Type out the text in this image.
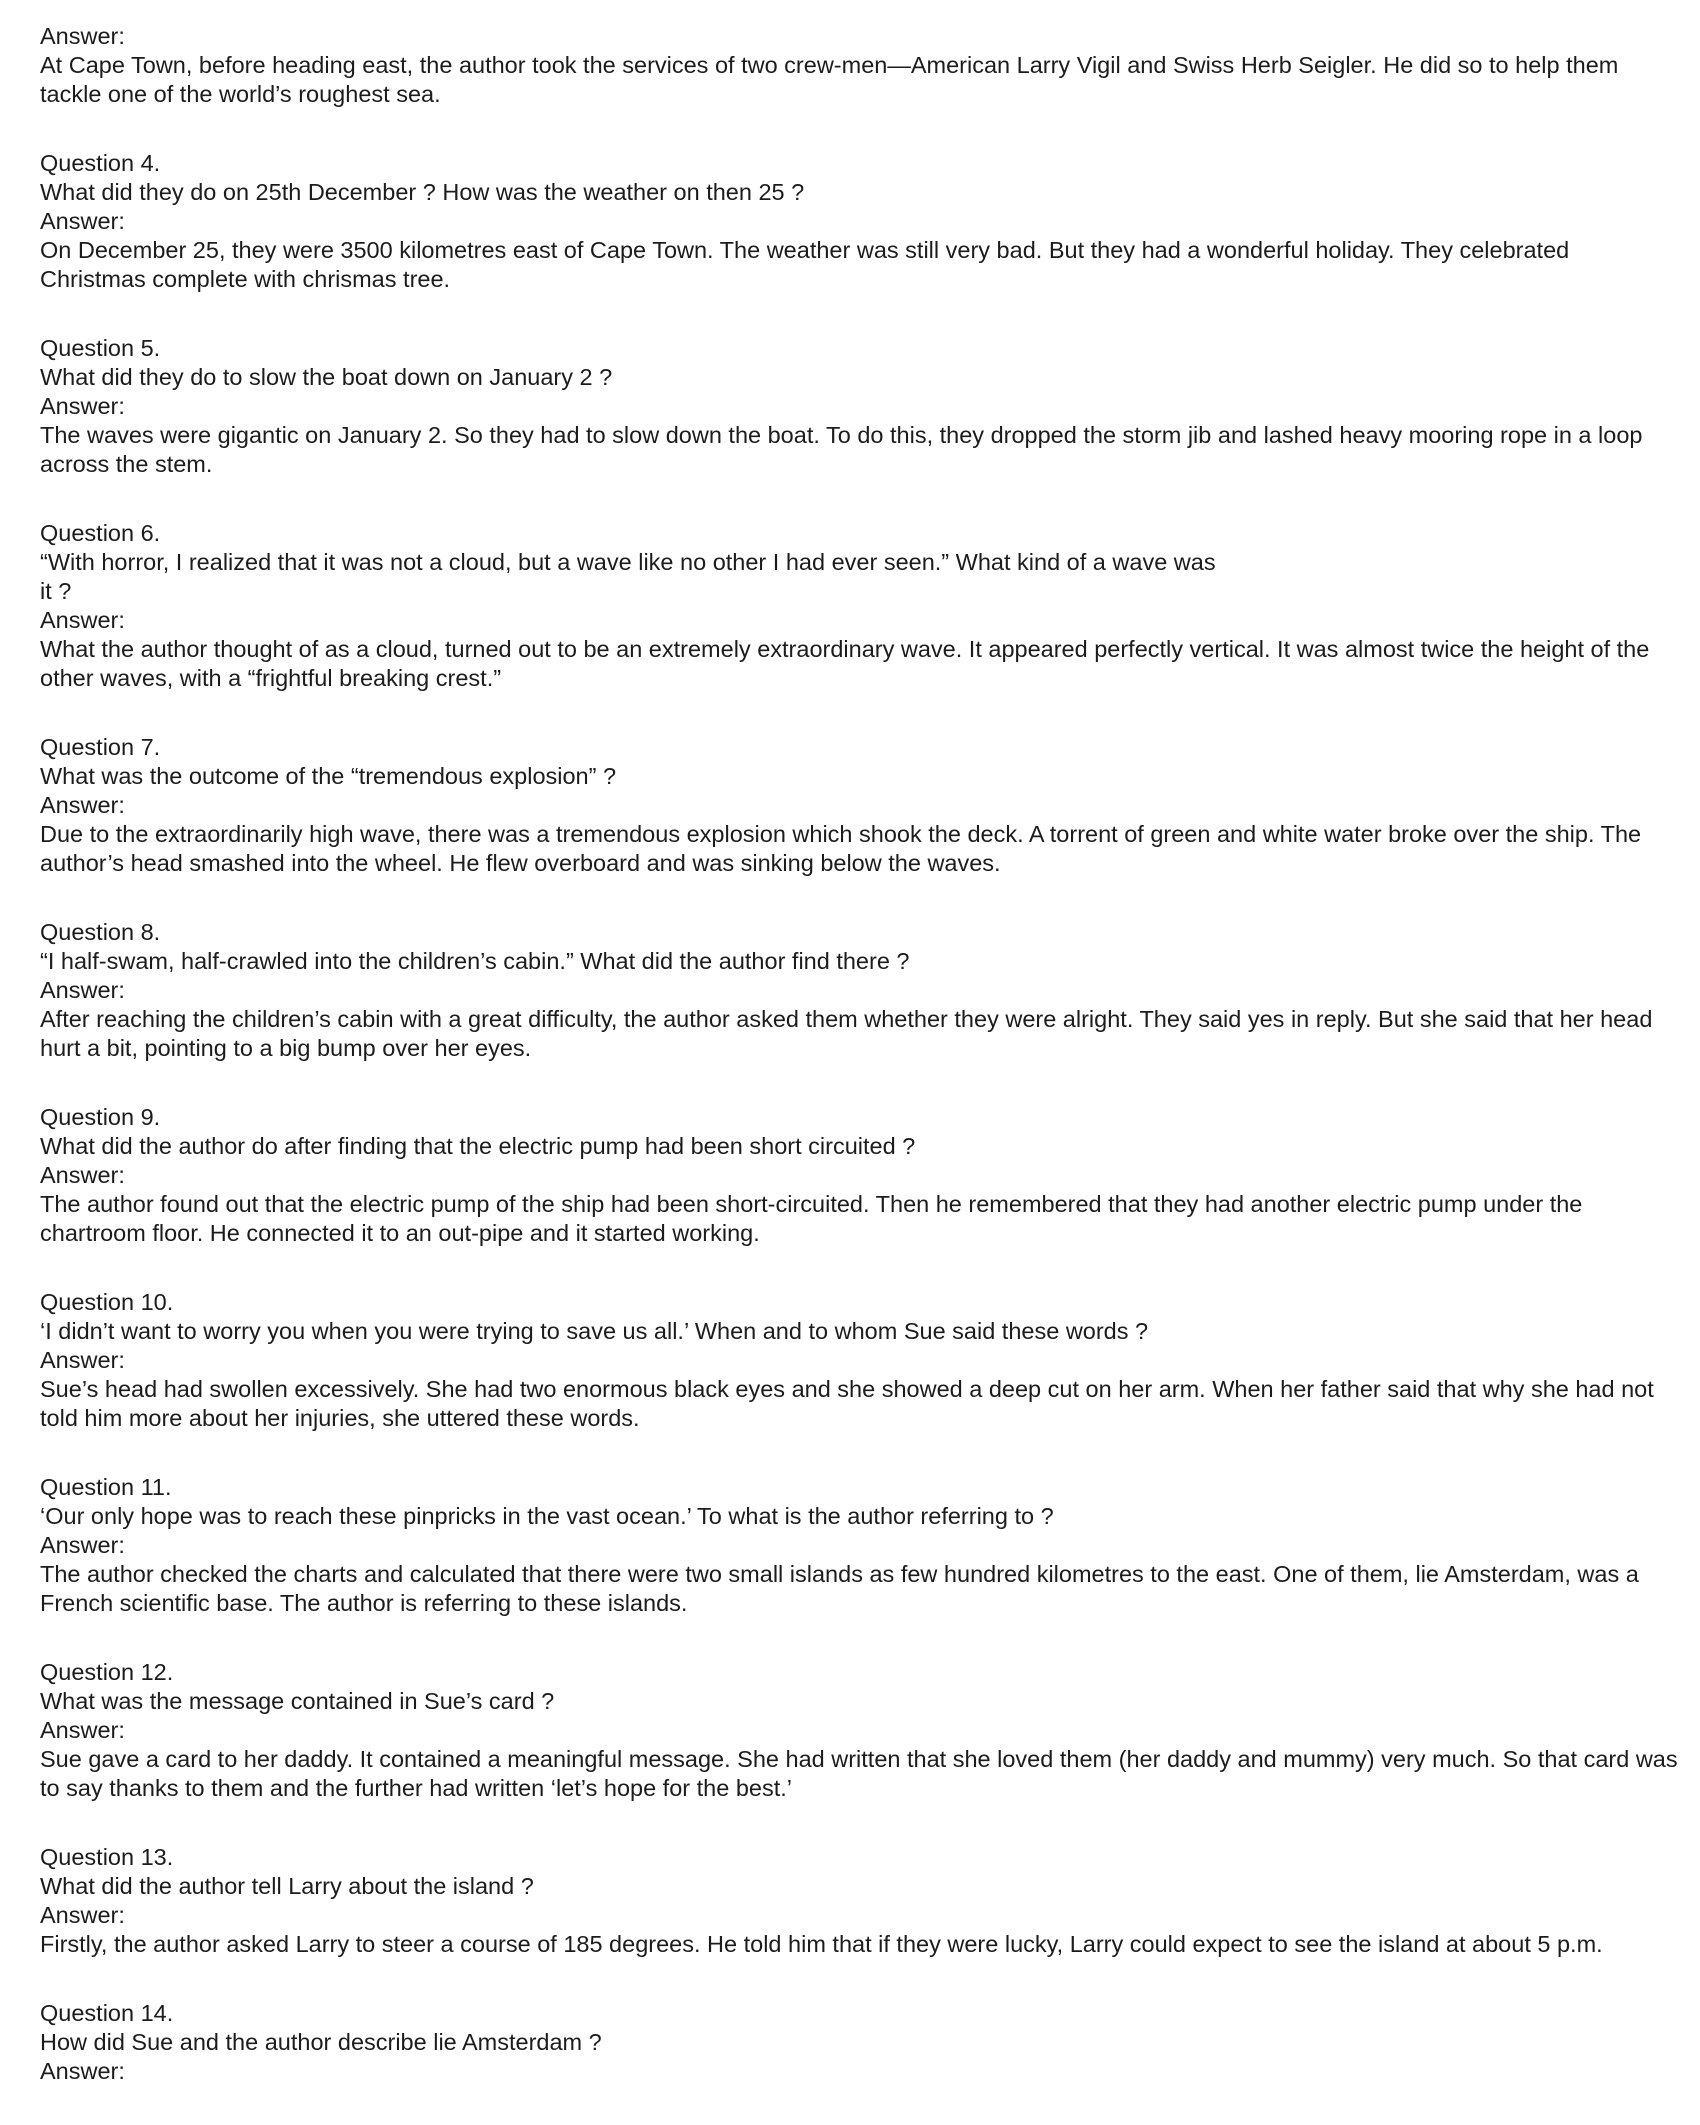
Answer:
At Cape Town, before heading east, the author took the services of two crew-men—American Larry Vigil and Swiss Herb Seigler. He did so to help them tackle one of the world’s roughest sea.
Question 4.
What did they do on 25th December ? How was the weather on then 25 ?
Answer:
On December 25, they were 3500 kilometres east of Cape Town. The weather was still very bad. But they had a wonderful holiday. They celebrated Christmas complete with chrismas tree.
Question 5.
What did they do to slow the boat down on January 2 ?
Answer:
The waves were gigantic on January 2. So they had to slow down the boat. To do this, they dropped the storm jib and lashed heavy mooring rope in a loop across the stem.
Question 6.
“With horror, I realized that it was not a cloud, but a wave like no other I had ever seen.” What kind of a wave was
it ?
Answer:
What the author thought of as a cloud, turned out to be an extremely extraordinary wave. It appeared perfectly vertical. It was almost twice the height of the other waves, with a “frightful breaking crest.”
Question 7.
What was the outcome of the “tremendous explosion” ?
Answer:
Due to the extraordinarily high wave, there was a tremendous explosion which shook the deck. A torrent of green and white water broke over the ship. The author’s head smashed into the wheel. He flew overboard and was sinking below the waves.
Question 8.
“I half-swam, half-crawled into the children’s cabin.” What did the author find there ?
Answer:
After reaching the children’s cabin with a great difficulty, the author asked them whether they were alright. They said yes in reply. But she said that her head hurt a bit, pointing to a big bump over her eyes.
Question 9.
What did the author do after finding that the electric pump had been short circuited ?
Answer:
The author found out that the electric pump of the ship had been short-circuited. Then he remembered that they had another electric pump under the chartroom floor. He connected it to an out-pipe and it started working.
Question 10.
‘I didn’t want to worry you when you were trying to save us all.’ When and to whom Sue said these words ?
Answer:
Sue’s head had swollen excessively. She had two enormous black eyes and she showed a deep cut on her arm. When her father said that why she had not told him more about her injuries, she uttered these words.
Question 11.
‘Our only hope was to reach these pinpricks in the vast ocean.’ To what is the author referring to ?
Answer:
The author checked the charts and calculated that there were two small islands as few hundred kilometres to the east. One of them, lie Amsterdam, was a French scientific base. The author is referring to these islands.
Question 12.
What was the message contained in Sue’s card ?
Answer:
Sue gave a card to her daddy. It contained a meaningful message. She had written that she loved them (her daddy and mummy) very much. So that card was to say thanks to them and the further had written ‘let’s hope for the best.’
Question 13.
What did the author tell Larry about the island ?
Answer:
Firstly, the author asked Larry to steer a course of 185 degrees. He told him that if they were lucky, Larry could expect to see the island at about 5 p.m.
Question 14.
How did Sue and the author describe lie Amsterdam ?
Answer:
